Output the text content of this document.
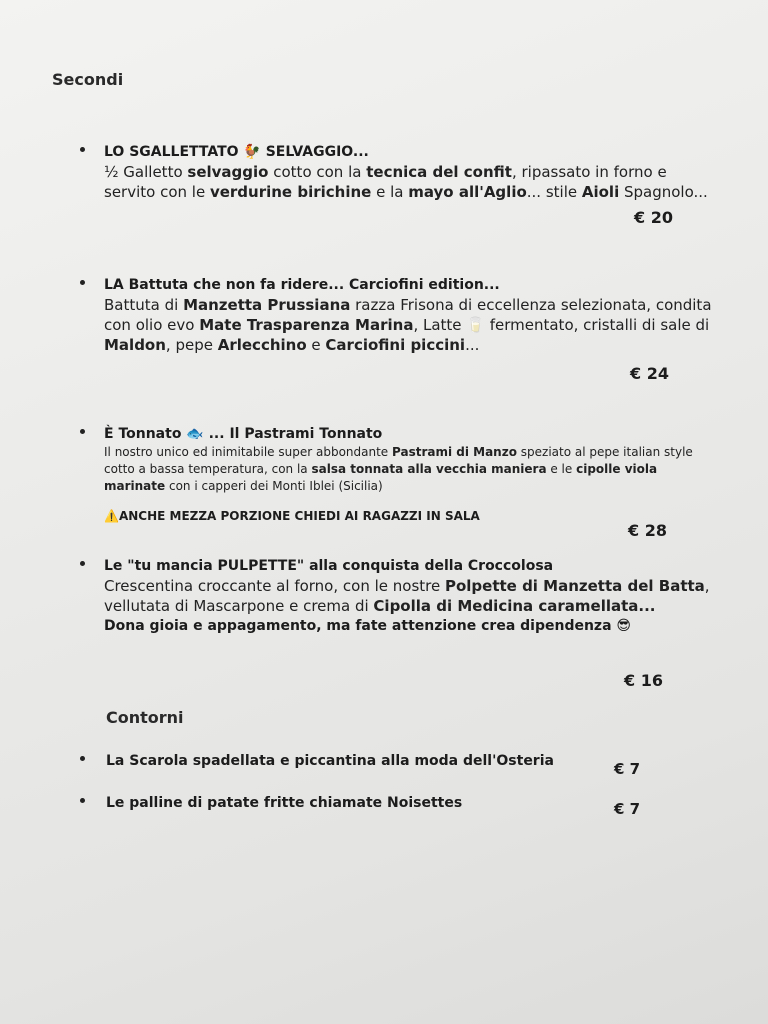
Secondi

LO SGALLETTATO 🐓 SELVAGGIO...

½ Galletto selvaggio cotto con la tecnica del confit, ripassato in forno e servito con le verdurine birichine e la mayo all'Aglio... stile Aioli Spagnolo...

€ 20

LA Battuta che non fa ridere... Carciofini edition...

Battuta di Manzetta Prussiana razza Frisona di eccellenza selezionata, condita con olio evo Mate Trasparenza Marina, Latte 🥛 fermentato, cristalli di sale di Maldon, pepe Arlecchino e Carciofini piccini...

€ 24

È Tonnato 🐟 ... Il Pastrami Tonnato

Il nostro unico ed inimitabile super abbondante Pastrami di Manzo speziato al pepe italian style cotto a bassa temperatura, con la salsa tonnata alla vecchia maniera e le cipolle viola marinate con i capperi dei Monti Iblei (Sicilia)

⚠️ANCHE MEZZA PORZIONE CHIEDI AI RAGAZZI IN SALA

€ 28

Le "tu mancia PULPETTE" alla conquista della Croccolosa

Crescentina croccante al forno, con le nostre Polpette di Manzetta del Batta, vellutata di Mascarpone e crema di Cipolla di Medicina caramellata...

Dona gioia e appagamento, ma fate attenzione crea dipendenza 😎

€ 16
Contorni
La Scarola spadellata e piccantina alla moda dell'Osteria	€ 7
Le palline di patate fritte chiamate Noisettes	€ 7
